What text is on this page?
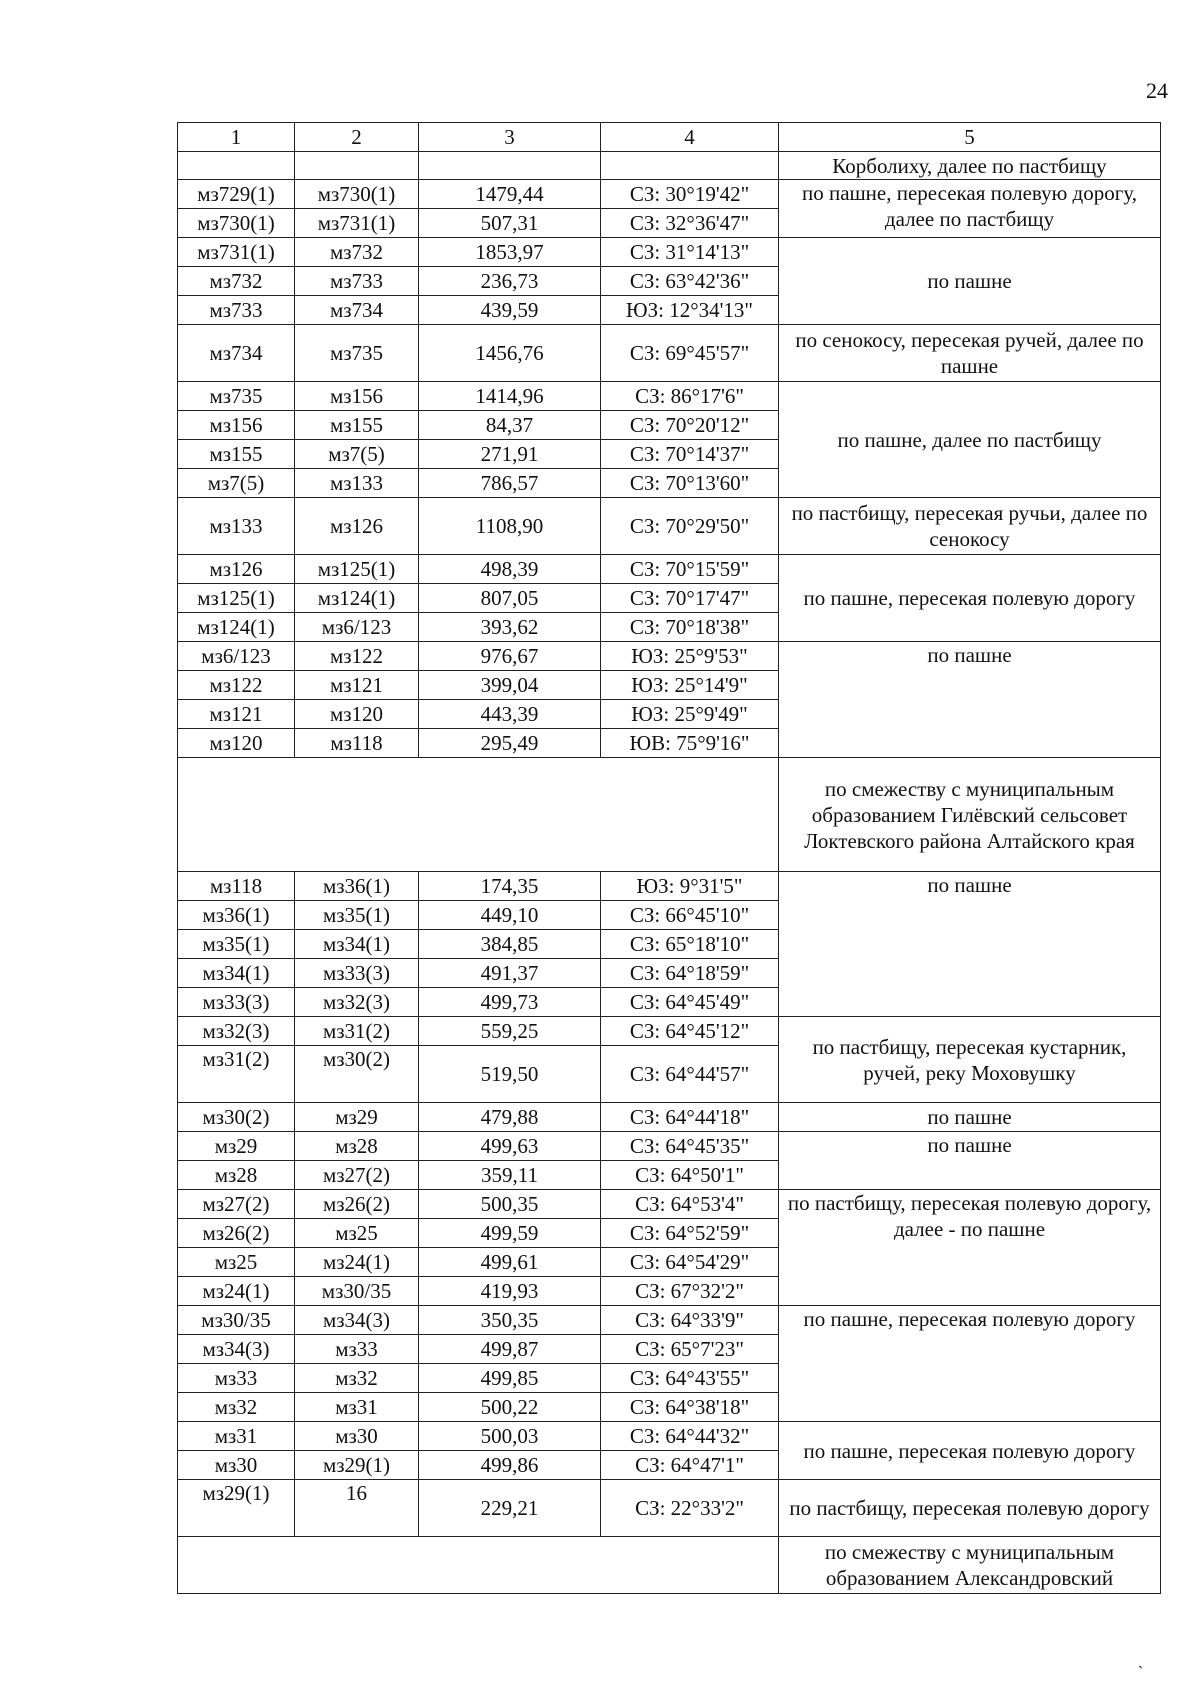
24
1	2	3	4	5
				Корболиху, далее по пастбищу
мз729(1)	мз730(1)	1479,44	СЗ: 30°19'42"	по пашне, пересекая полевую дорогу, далее по пастбищу
мз730(1)	мз731(1)	507,31	СЗ: 32°36'47"	
мз731(1)	мз732	1853,97	СЗ: 31°14'13"	по пашне
мз732	мз733	236,73	СЗ: 63°42'36"	
мз733	мз734	439,59	ЮЗ: 12°34'13"	
мз734	мз735	1456,76	СЗ: 69°45'57"	по сенокосу, пересекая ручей, далее по пашне
мз735	мз156	1414,96	СЗ: 86°17'6"	по пашне, далее по пастбищу
мз156	мз155	84,37	СЗ: 70°20'12"	
мз155	мз7(5)	271,91	СЗ: 70°14'37"	
мз7(5)	мз133	786,57	СЗ: 70°13'60"	
мз133	мз126	1108,90	СЗ: 70°29'50"	по пастбищу, пересекая ручьи, далее по сенокосу
мз126	мз125(1)	498,39	СЗ: 70°15'59"	по пашне, пересекая полевую дорогу
мз125(1)	мз124(1)	807,05	СЗ: 70°17'47"	
мз124(1)	мз6/123	393,62	СЗ: 70°18'38"	
мз6/123	мз122	976,67	ЮЗ: 25°9'53"	по пашне
мз122	мз121	399,04	ЮЗ: 25°14'9"	
мз121	мз120	443,39	ЮЗ: 25°9'49"	
мз120	мз118	295,49	ЮВ: 75°9'16"	
				по смежеству с муниципальным образованием Гилёвский сельсовет Локтевского района Алтайского края
мз118	мз36(1)	174,35	ЮЗ: 9°31'5"	по пашне
мз36(1)	мз35(1)	449,10	СЗ: 66°45'10"	
мз35(1)	мз34(1)	384,85	СЗ: 65°18'10"	
мз34(1)	мз33(3)	491,37	СЗ: 64°18'59"	
мз33(3)	мз32(3)	499,73	СЗ: 64°45'49"	
мз32(3)	мз31(2)	559,25	СЗ: 64°45'12"	по пастбищу, пересекая кустарник, ручей, реку Моховушку
мз31(2)	мз30(2)	519,50	СЗ: 64°44'57"	
мз30(2)	мз29	479,88	СЗ: 64°44'18"	по пашне
мз29	мз28	499,63	СЗ: 64°45'35"	по пашне
мз28	мз27(2)	359,11	СЗ: 64°50'1"	
мз27(2)	мз26(2)	500,35	СЗ: 64°53'4"	по пастбищу, пересекая полевую дорогу, далее - по пашне
мз26(2)	мз25	499,59	СЗ: 64°52'59"	
мз25	мз24(1)	499,61	СЗ: 64°54'29"	
мз24(1)	мз30/35	419,93	СЗ: 67°32'2"	
мз30/35	мз34(3)	350,35	СЗ: 64°33'9"	по пашне, пересекая полевую дорогу
мз34(3)	мз33	499,87	СЗ: 65°7'23"	
мз33	мз32	499,85	СЗ: 64°43'55"	
мз32	мз31	500,22	СЗ: 64°38'18"	
мз31	мз30	500,03	СЗ: 64°44'32"	по пашне, пересекая полевую дорогу
мз30	мз29(1)	499,86	СЗ: 64°47'1"	
мз29(1)	16	229,21	СЗ: 22°33'2"	по пастбищу, пересекая полевую дорогу
				по смежеству с муниципальным образованием Александровский
`
